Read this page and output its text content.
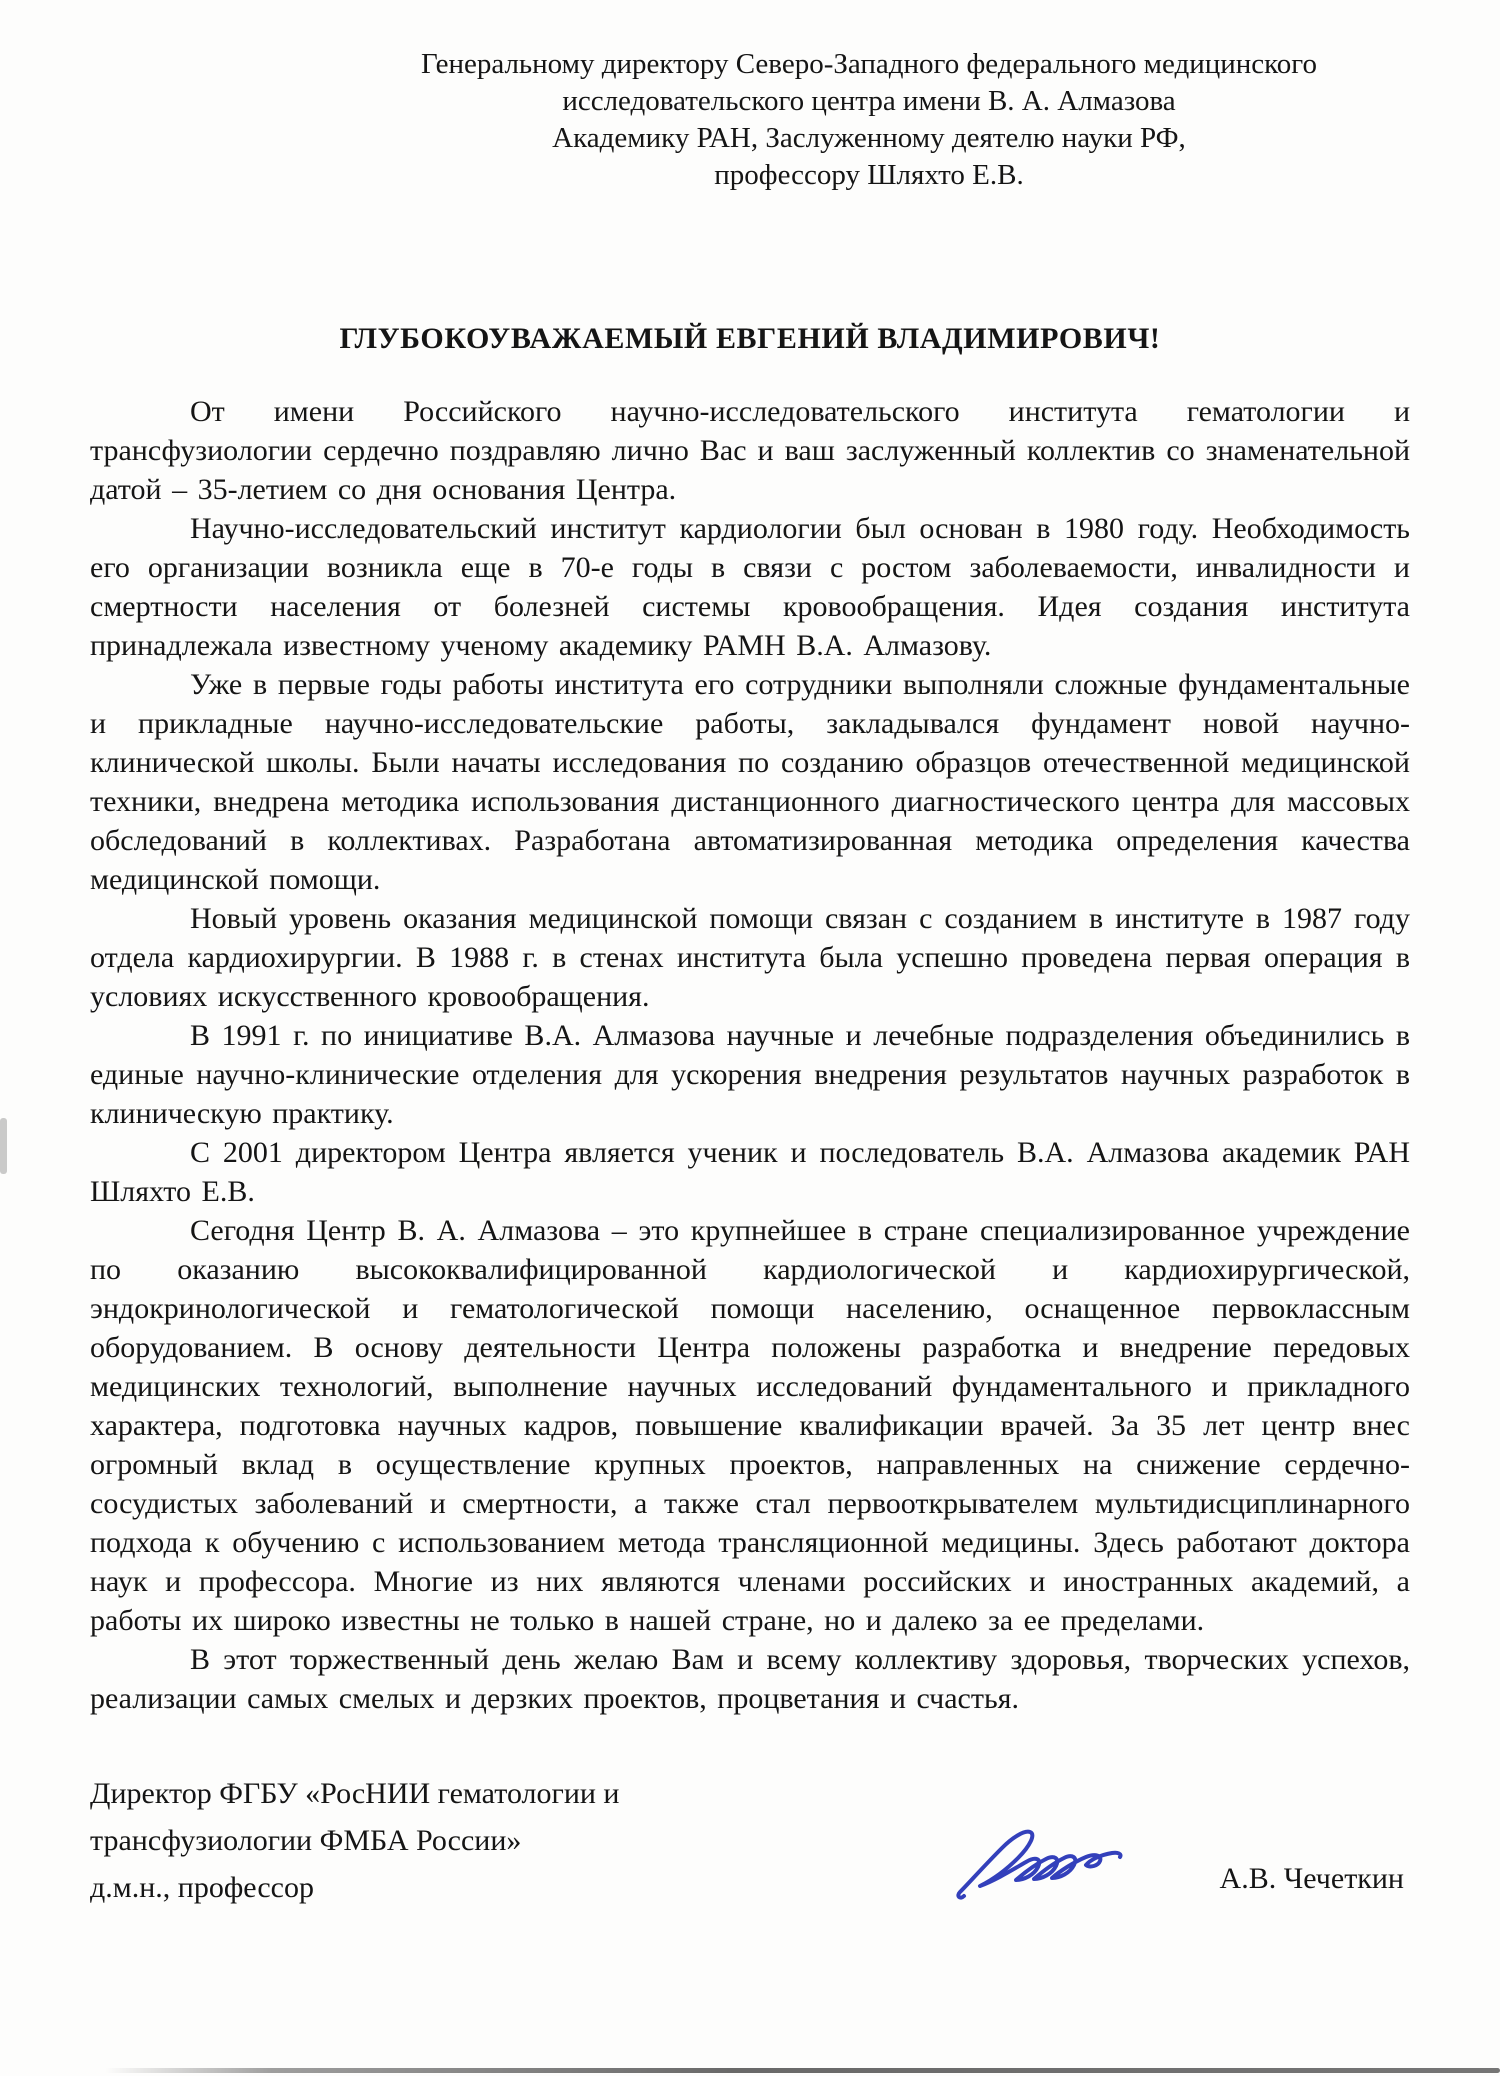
Генеральному директору Северо-Западного федерального медицинского
исследовательского центра имени В. А. Алмазова
Академику РАН, Заслуженному деятелю науки РФ,
профессору Шляхто Е.В.
ГЛУБОКОУВАЖАЕМЫЙ ЕВГЕНИЙ ВЛАДИМИРОВИЧ!

От имени Российского научно-исследовательского института гематологии и трансфузиологии сердечно поздравляю лично Вас и ваш заслуженный коллектив со знаменательной датой – 35-летием со дня основания Центра.

Научно-исследовательский институт кардиологии был основан в 1980 году. Необходимость его организации возникла еще в 70-е годы в связи с ростом заболеваемости, инвалидности и смертности населения от болезней системы кровообращения. Идея создания института принадлежала известному ученому академику РАМН В.А. Алмазову.

Уже в первые годы работы института его сотрудники выполняли сложные фундаментальные и прикладные научно-исследовательские работы, закладывался фундамент новой научно-клинической школы. Были начаты исследования по созданию образцов отечественной медицинской техники, внедрена методика использования дистанционного диагностического центра для массовых обследований в коллективах. Разработана автоматизированная методика определения качества медицинской помощи.

Новый уровень оказания медицинской помощи связан с созданием в институте в 1987 году отдела кардиохирургии. В 1988 г. в стенах института была успешно проведена первая операция в условиях искусственного кровообращения.

В 1991 г. по инициативе В.А. Алмазова научные и лечебные подразделения объединились в единые научно-клинические отделения для ускорения внедрения результатов научных разработок в клиническую практику.

С 2001 директором Центра является ученик и последователь В.А. Алмазова академик РАН Шляхто Е.В.

Сегодня Центр В. А. Алмазова – это крупнейшее в стране специализированное учреждение по оказанию высококвалифицированной кардиологической и кардиохирургической, эндокринологической и гематологической помощи населению, оснащенное первоклассным оборудованием. В основу деятельности Центра положены разработка и внедрение передовых медицинских технологий, выполнение научных исследований фундаментального и прикладного характера, подготовка научных кадров, повышение квалификации врачей. За 35 лет центр внес огромный вклад в осуществление крупных проектов, направленных на снижение сердечно-сосудистых заболеваний и смертности, а также стал первооткрывателем мультидисциплинарного подхода к обучению с использованием метода трансляционной медицины. Здесь работают доктора наук и профессора. Многие из них являются членами российских и иностранных академий, а работы их широко известны не только в нашей стране, но и далеко за ее пределами.

В этот торжественный день желаю Вам и всему коллективу здоровья, творческих успехов, реализации самых смелых и дерзких проектов, процветания и счастья.

Директор ФГБУ «РосНИИ гематологии и
трансфузиологии ФМБА России»
д.м.н., профессор	А.В. Чечеткин
